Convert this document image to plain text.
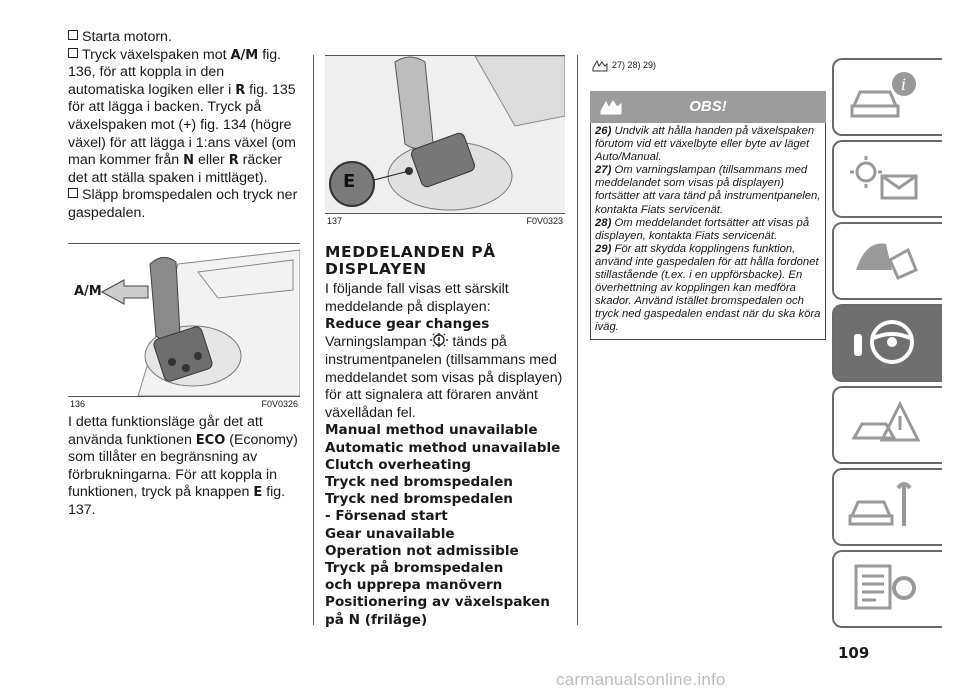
Starta motorn.

Tryck växelspaken mot A/M fig. 136, för att koppla in den automatiska logiken eller i R fig. 135 för att lägga i backen. Tryck på växelspaken mot (+) fig. 134 (högre växel) för att lägga i 1:ans växel (om man kommer från N eller R räcker det att ställa spaken i mittläget).

Släpp bromspedalen och tryck ner gaspedalen.

A/M
136	F0V0326

I detta funktionsläge går det att använda funktionen ECO (Economy) som tillåter en begränsning av förbrukningarna. För att koppla in funktionen, tryck på knappen E fig. 137.

E
137	F0V0323
MEDDELANDEN PÅ DISPLAYEN

I följande fall visas ett särskilt meddelande på displayen:

Reduce gear changes

Varningslampan  tänds på instrumentpanelen (tillsammans med meddelandet som visas på displayen) för att signalera att föraren använt växellådan fel.

Manual method unavailable
Automatic method unavailable
Clutch overheating
Tryck ned bromspedalen
Tryck ned bromspedalen - Försenad start
Gear unavailable
Operation not admissible
Tryck på bromspedalen och upprepa manövern
Positionering av växelspaken på N (friläge)
27) 28) 29)
OBS!

26) Undvik att hålla handen på växelspaken förutom vid ett växelbyte eller byte av läget Auto/Manual.

27) Om varningslampan (tillsammans med meddelandet som visas på displayen) fortsätter att vara tänd på instrumentpanelen, kontakta Fiats servicenät.

28) Om meddelandet fortsätter att visas på displayen, kontakta Fiats servicenät.

29) För att skydda kopplingens funktion, använd inte gaspedalen för att hålla fordonet stillastående (t.ex. i en uppförsbacke). En överhettning av kopplingen kan medföra skador. Använd istället bromspedalen och tryck ned gaspedalen endast när du ska köra iväg.

i
109
carmanualsonline.info
